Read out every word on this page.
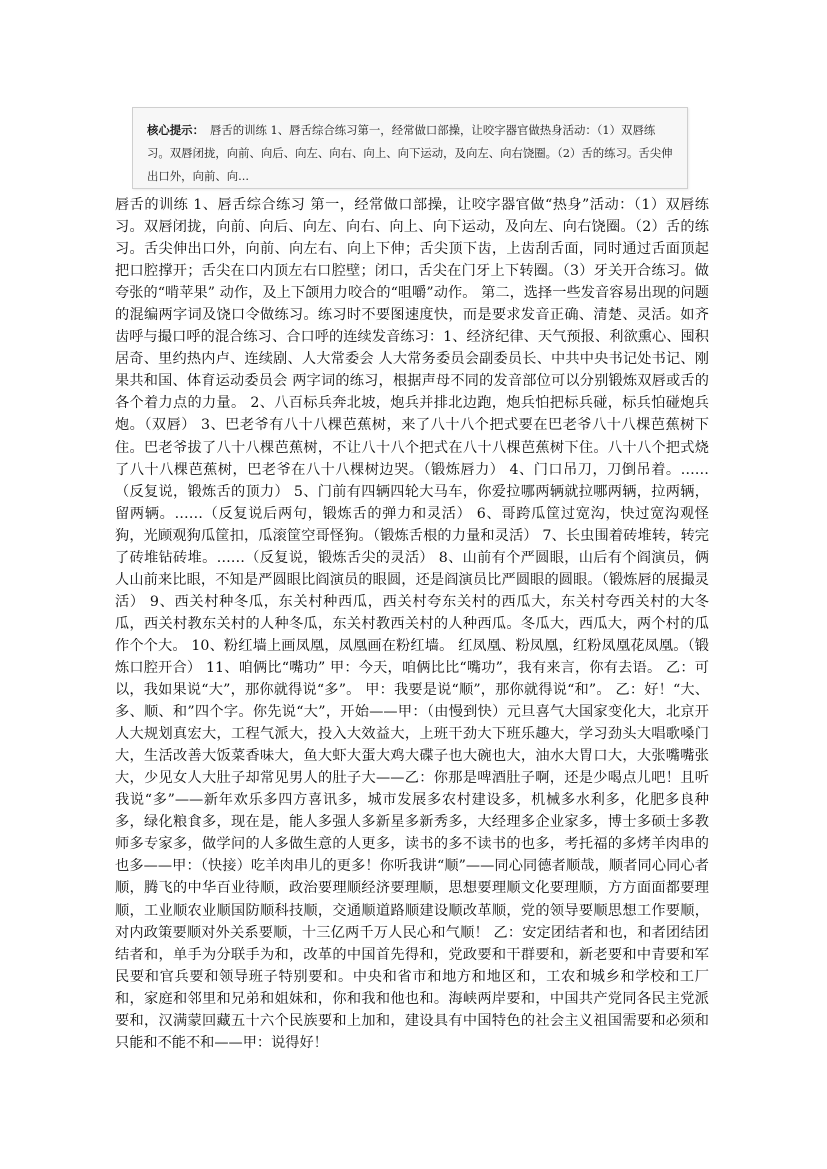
核心提示： 唇舌的训练 1、唇舌综合练习第一，经常做口部操，让咬字器官做热身活动：（1）双唇练习。双唇闭拢，向前、向后、向左、向右、向上、向下运动，及向左、向右饶圈。（2）舌的练习。舌尖伸出口外，向前、向...

唇舌的训练 1、唇舌综合练习 第一，经常做口部操，让咬字器官做“热身”活动：（1）双唇练习。双唇闭拢，向前、向后、向左、向右、向上、向下运动，及向左、向右饶圈。（2）舌的练习。舌尖伸出口外，向前、向左右、向上下伸；舌尖顶下齿，上齿刮舌面，同时通过舌面顶起把口腔撑开；舌尖在口内顶左右口腔壁；闭口，舌尖在门牙上下转圈。（3）牙关开合练习。做夸张的“啃苹果” 动作，及上下颌用力咬合的“咀嚼”动作。 第二，选择一些发音容易出现的问题的混编两字词及饶口令做练习。练习时不要图速度快，而是要求发音正确、清楚、灵活。如齐齿呼与撮口呼的混合练习、合口呼的连续发音练习：1、经济纪律、天气预报、利欲熏心、囤积居奇、里约热内卢、连续剧、人大常委会 人大常务委员会副委员长、中共中央书记处书记、刚果共和国、体育运动委员会 两字词的练习，根据声母不同的发音部位可以分别锻炼双唇或舌的各个着力点的力量。 2、八百标兵奔北坡，炮兵并排北边跑，炮兵怕把标兵碰，标兵怕碰炮兵炮。（双唇） 3、巴老爷有八十八棵芭蕉树，来了八十八个把式要在巴老爷八十八棵芭蕉树下住。巴老爷拔了八十八棵芭蕉树，不让八十八个把式在八十八棵芭蕉树下住。八十八个把式烧了八十八棵芭蕉树，巴老爷在八十八棵树边哭。（锻炼唇力） 4、门口吊刀，刀倒吊着。……（反复说，锻炼舌的顶力） 5、门前有四辆四轮大马车，你爱拉哪两辆就拉哪两辆，拉两辆，留两辆。……（反复说后两句，锻炼舌的弹力和灵活） 6、哥跨瓜筐过宽沟，快过宽沟观怪狗，光顾观狗瓜筐扣，瓜滚筐空哥怪狗。（锻炼舌根的力量和灵活） 7、长虫围着砖堆转，转完了砖堆钻砖堆。……（反复说，锻炼舌尖的灵活） 8、山前有个严圆眼，山后有个阎演员，俩人山前来比眼，不知是严圆眼比阎演员的眼圆，还是阎演员比严圆眼的圆眼。（锻炼唇的展撮灵活） 9、西关村种冬瓜，东关村种西瓜，西关村夸东关村的西瓜大，东关村夸西关村的大冬瓜，西关村教东关村的人种冬瓜，东关村教西关村的人种西瓜。冬瓜大，西瓜大，两个村的瓜作个个大。 10、粉红墙上画凤凰，凤凰画在粉红墙。 红凤凰、粉凤凰，红粉凤凰花凤凰。（锻炼口腔开合） 11、咱俩比“嘴功” 甲：今天，咱俩比比“嘴功”，我有来言，你有去语。 乙：可以，我如果说“大”，那你就得说“多”。 甲：我要是说“顺”，那你就得说“和”。 乙：好！“大、多、顺、和”四个字。你先说“大”，开始——甲：（由慢到快）元旦喜气大国家变化大，北京开人大规划真宏大，工程气派大，投入大效益大，上班干劲大下班乐趣大，学习劲头大唱歌嗓门大，生活改善大饭菜香味大，鱼大虾大蛋大鸡大碟子也大碗也大，油水大胃口大，大张嘴嘴张大，少见女人大肚子却常见男人的肚子大——乙：你那是啤酒肚子啊，还是少喝点儿吧！且听我说“多”——新年欢乐多四方喜讯多，城市发展多农村建设多，机械多水利多，化肥多良种多，绿化粮食多，现在是，能人多强人多新星多新秀多，大经理多企业家多，博士多硕士多教师多专家多，做学问的人多做生意的人更多，读书的多不读书的也多，考托福的多烤羊肉串的也多——甲：（快接）吃羊肉串儿的更多！你听我讲“顺”——同心同德者顺哉，顺者同心同心者顺，腾飞的中华百业待顺，政治要理顺经济要理顺，思想要理顺文化要理顺，方方面面都要理顺，工业顺农业顺国防顺科技顺，交通顺道路顺建设顺改革顺，党的领导要顺思想工作要顺，对内政策要顺对外关系要顺，十三亿两千万人民心和气顺！ 乙：安定团结者和也，和者团结团结者和，单手为分联手为和，改革的中国首先得和，党政要和干群要和，新老要和中青要和军民要和官兵要和领导班子特别要和。中央和省市和地方和地区和，工农和城乡和学校和工厂和，家庭和邻里和兄弟和姐妹和，你和我和他也和。海峡两岸要和，中国共产党同各民主党派要和，汉满蒙回藏五十六个民族要和上加和，建设具有中国特色的社会主义祖国需要和必须和只能和不能不和——甲：说得好！
